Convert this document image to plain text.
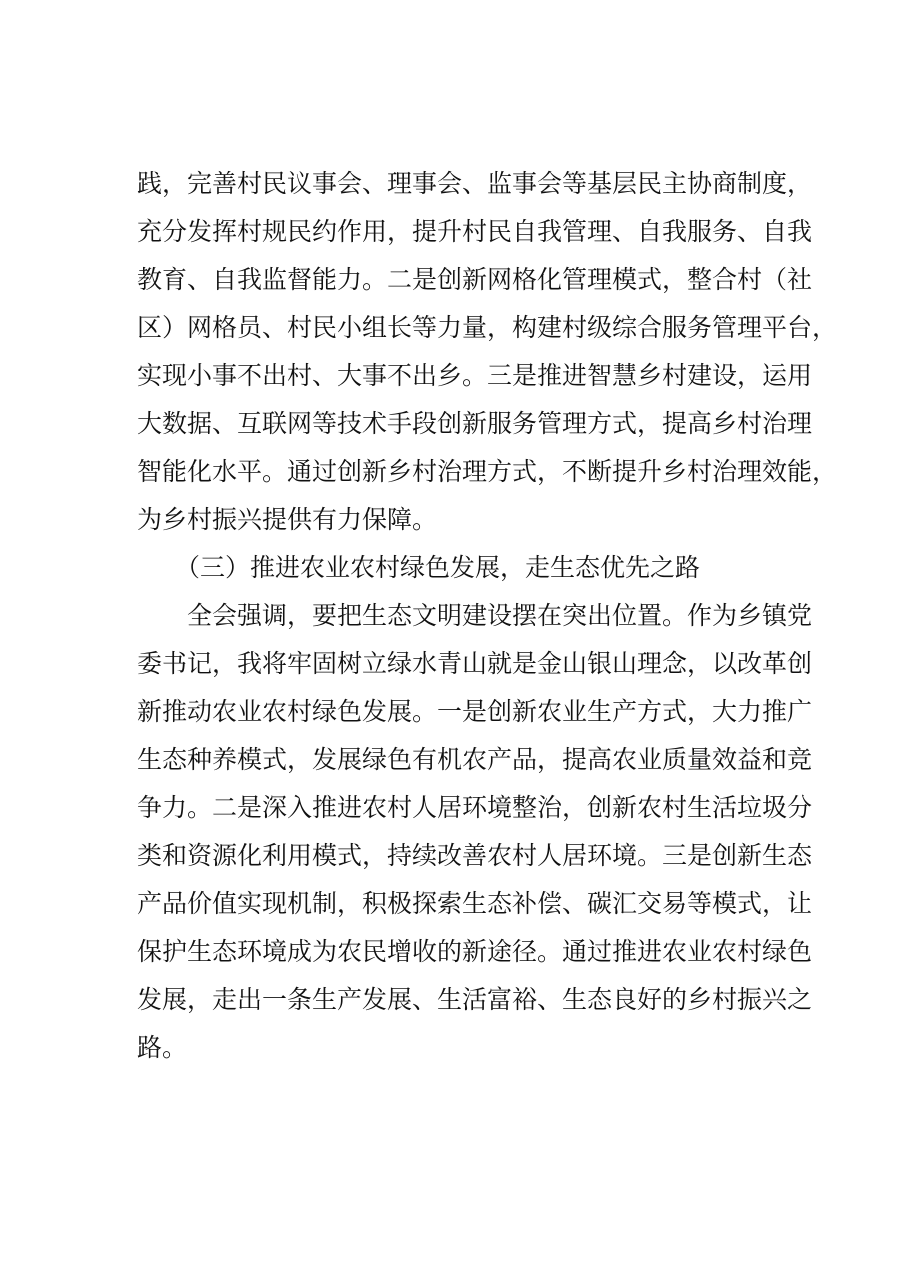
践，完善村民议事会、理事会、监事会等基层民主协商制度，
充分发挥村规民约作用，提升村民自我管理、自我服务、自我
教育、自我监督能力。二是创新网格化管理模式，整合村（社
区）网格员、村民小组长等力量，构建村级综合服务管理平台，
实现小事不出村、大事不出乡。三是推进智慧乡村建设，运用
大数据、互联网等技术手段创新服务管理方式，提高乡村治理
智能化水平。通过创新乡村治理方式，不断提升乡村治理效能，
为乡村振兴提供有力保障。
（三）推进农业农村绿色发展，走生态优先之路
全会强调，要把生态文明建设摆在突出位置。作为乡镇党
委书记，我将牢固树立绿水青山就是金山银山理念，以改革创
新推动农业农村绿色发展。一是创新农业生产方式，大力推广
生态种养模式，发展绿色有机农产品，提高农业质量效益和竞
争力。二是深入推进农村人居环境整治，创新农村生活垃圾分
类和资源化利用模式，持续改善农村人居环境。三是创新生态
产品价值实现机制，积极探索生态补偿、碳汇交易等模式，让
保护生态环境成为农民增收的新途径。通过推进农业农村绿色
发展，走出一条生产发展、生活富裕、生态良好的乡村振兴之
路。
